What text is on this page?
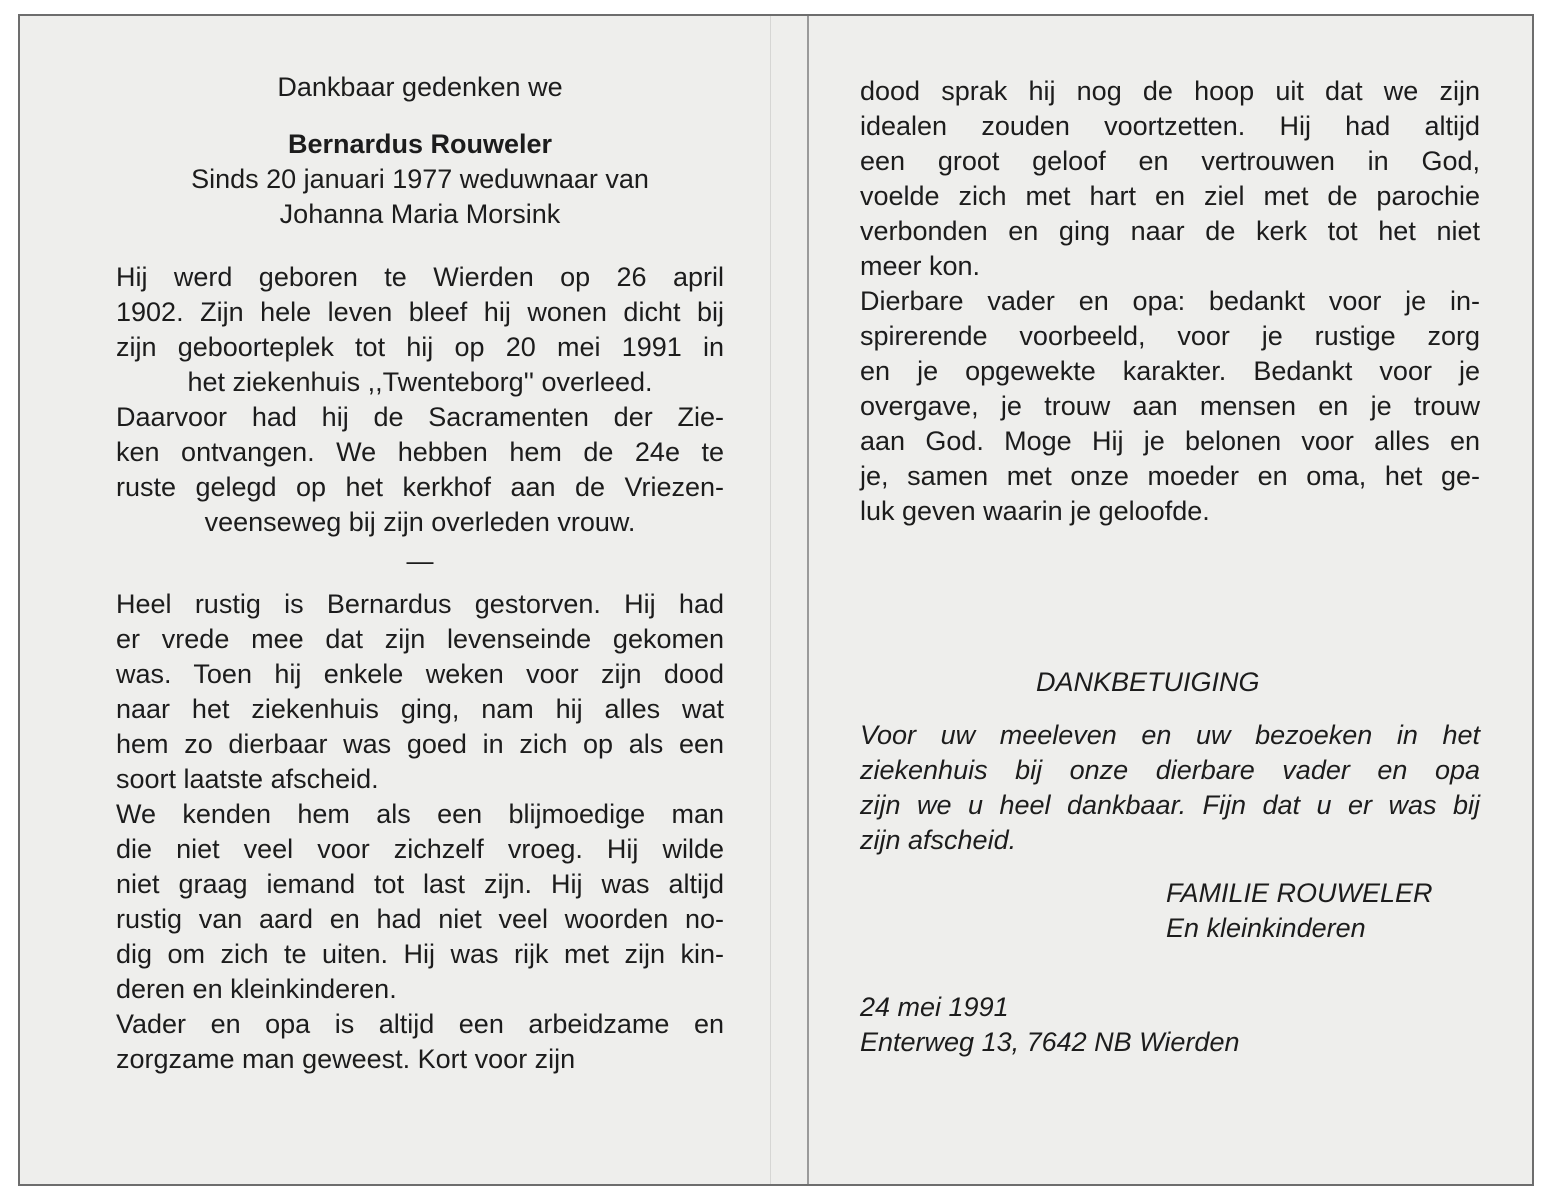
Dankbaar gedenken we
Bernardus Rouweler
Sinds 20 januari 1977 weduwnaar van
Johanna Maria Morsink
Hij werd geboren te Wierden op 26 april
1902. Zijn hele leven bleef hij wonen dicht bij
zijn geboorteplek tot hij op 20 mei 1991 in
het ziekenhuis ,,Twenteborg'' overleed.
Daarvoor had hij de Sacramenten der Zie-
ken ontvangen. We hebben hem de 24e te
ruste gelegd op het kerkhof aan de Vriezen-
veenseweg bij zijn overleden vrouw.
—
Heel rustig is Bernardus gestorven. Hij had
er vrede mee dat zijn levenseinde gekomen
was. Toen hij enkele weken voor zijn dood
naar het ziekenhuis ging, nam hij alles wat
hem zo dierbaar was goed in zich op als een
soort laatste afscheid.
We kenden hem als een blijmoedige man
die niet veel voor zichzelf vroeg. Hij wilde
niet graag iemand tot last zijn. Hij was altijd
rustig van aard en had niet veel woorden no-
dig om zich te uiten. Hij was rijk met zijn kin-
deren en kleinkinderen.
Vader en opa is altijd een arbeidzame en
zorgzame man geweest. Kort voor zijn
dood sprak hij nog de hoop uit dat we zijn
idealen zouden voortzetten. Hij had altijd
een groot geloof en vertrouwen in God,
voelde zich met hart en ziel met de parochie
verbonden en ging naar de kerk tot het niet
meer kon.
Dierbare vader en opa: bedankt voor je in-
spirerende voorbeeld, voor je rustige zorg
en je opgewekte karakter. Bedankt voor je
overgave, je trouw aan mensen en je trouw
aan God. Moge Hij je belonen voor alles en
je, samen met onze moeder en oma, het ge-
luk geven waarin je geloofde.
DANKBETUIGING
Voor uw meeleven en uw bezoeken in het
ziekenhuis bij onze dierbare vader en opa
zijn we u heel dankbaar. Fijn dat u er was bij
zijn afscheid.
FAMILIE ROUWELER
En kleinkinderen
24 mei 1991
Enterweg 13, 7642 NB Wierden
